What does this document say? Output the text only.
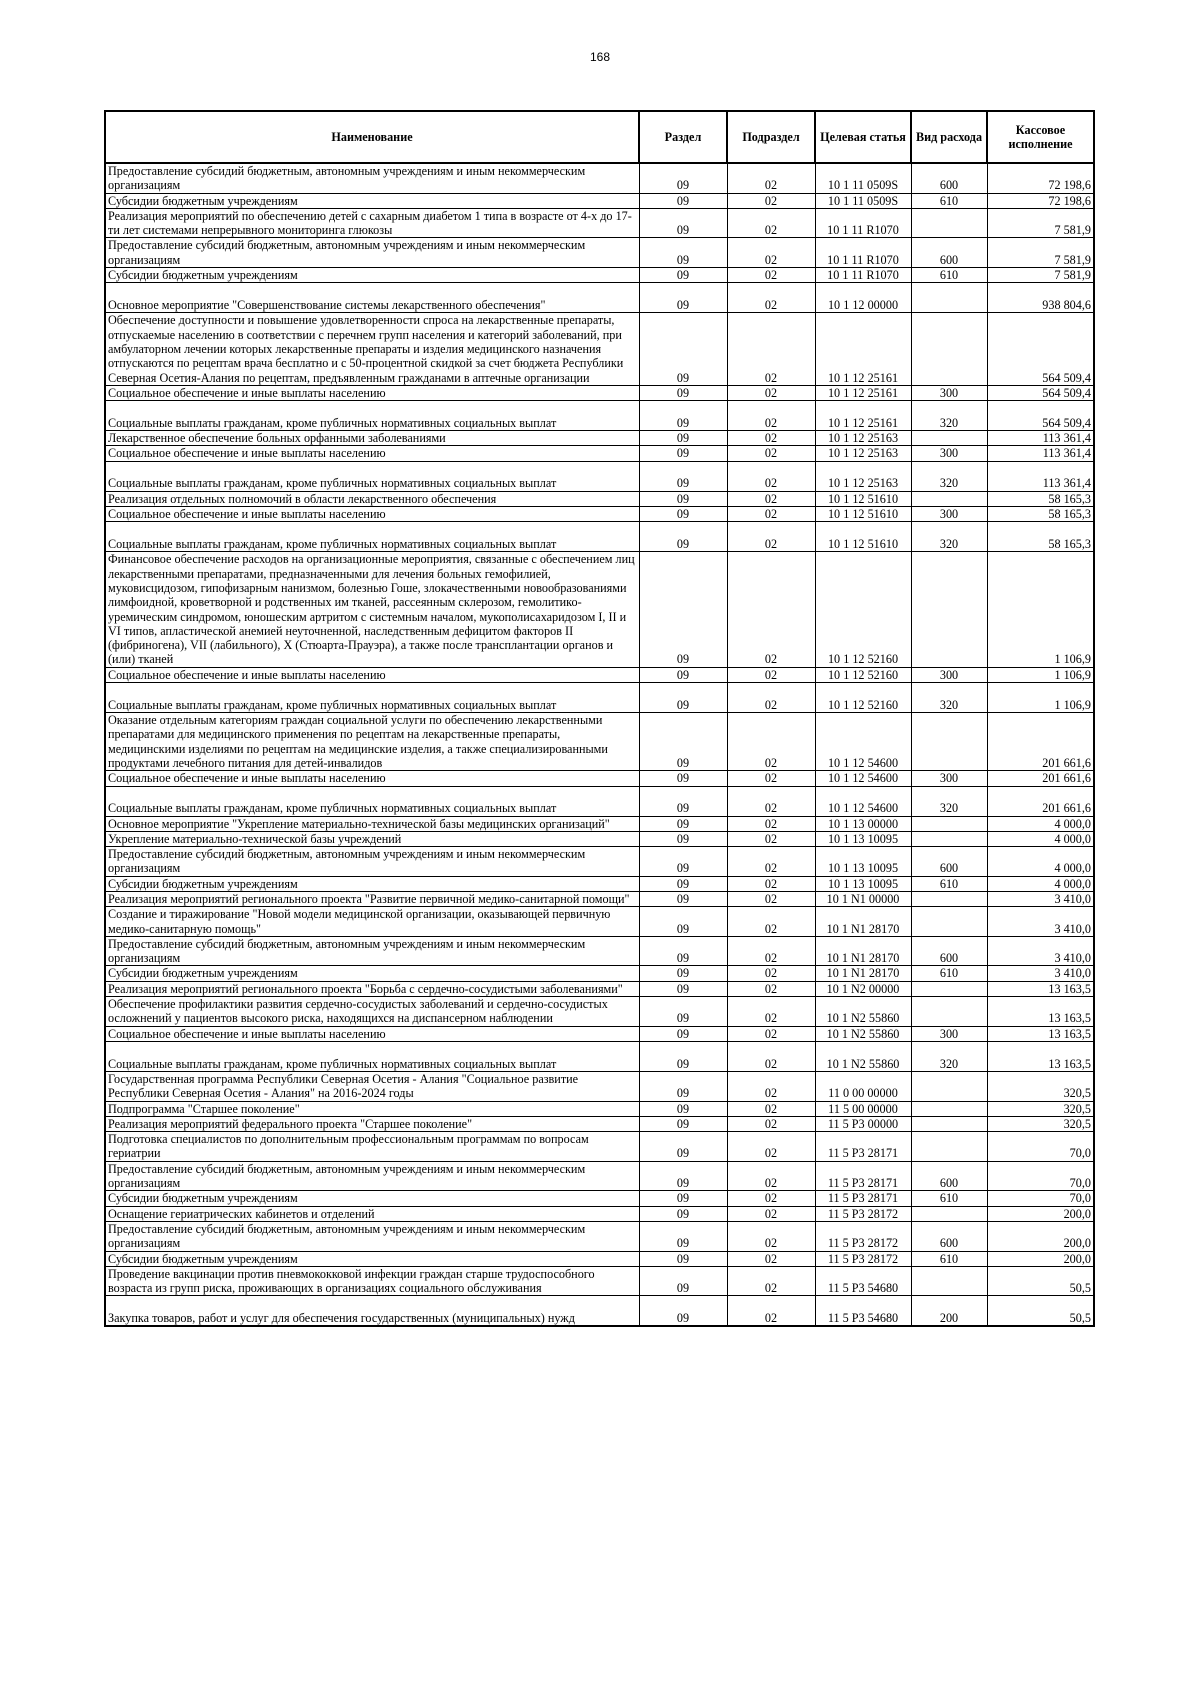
168
Наименование	Раздел	Подраздел	Целевая статья	Вид расхода	Кассовое исполнение
Предоставление субсидий бюджетным, автономным учреждениям и иным некоммерческим организациям	09	02	10 1 11 0509S	600	72 198,6
Субсидии бюджетным учреждениям	09	02	10 1 11 0509S	610	72 198,6
Реализация мероприятий по обеспечению детей с сахарным диабетом 1 типа в возрасте от 4-х до 17-ти лет системами непрерывного мониторинга глюкозы	09	02	10 1 11 R1070		7 581,9
Предоставление субсидий бюджетным, автономным учреждениям и иным некоммерческим организациям	09	02	10 1 11 R1070	600	7 581,9
Субсидии бюджетным учреждениям	09	02	10 1 11 R1070	610	7 581,9
Основное мероприятие "Совершенствование системы лекарственного обеспечения"	09	02	10 1 12 00000		938 804,6
Обеспечение доступности и повышение удовлетворенности спроса на лекарственные препараты, отпускаемые населению в соответствии с перечнем групп населения и категорий заболеваний, при амбулаторном лечении которых лекарственные препараты и изделия медицинского назначения отпускаются по рецептам врача бесплатно и с 50-процентной скидкой за счет бюджета Республики Северная Осетия-Алания по рецептам, предъявленным гражданами в аптечные организации	09	02	10 1 12 25161		564 509,4
Социальное обеспечение и иные выплаты населению	09	02	10 1 12 25161	300	564 509,4
Социальные выплаты гражданам, кроме публичных нормативных социальных выплат	09	02	10 1 12 25161	320	564 509,4
Лекарственное обеспечение больных орфанными заболеваниями	09	02	10 1 12 25163		113 361,4
Социальное обеспечение и иные выплаты населению	09	02	10 1 12 25163	300	113 361,4
Социальные выплаты гражданам, кроме публичных нормативных социальных выплат	09	02	10 1 12 25163	320	113 361,4
Реализация отдельных полномочий в области лекарственного обеспечения	09	02	10 1 12 51610		58 165,3
Социальное обеспечение и иные выплаты населению	09	02	10 1 12 51610	300	58 165,3
Социальные выплаты гражданам, кроме публичных нормативных социальных выплат	09	02	10 1 12 51610	320	58 165,3
Финансовое обеспечение расходов на организационные мероприятия, связанные с обеспечением лиц лекарственными препаратами, предназначенными для лечения больных гемофилией, муковисцидозом, гипофизарным нанизмом, болезнью Гоше, злокачественными новообразованиями лимфоидной, кроветворной и родственных им тканей, рассеянным склерозом, гемолитико-уремическим синдромом, юношеским артритом с системным началом, мукополисахаридозом I, II и VI типов, апластической анемией неуточненной, наследственным дефицитом факторов II (фибриногена), VII (лабильного), X (Стюарта-Прауэра), а также после трансплантации органов и (или) тканей	09	02	10 1 12 52160		1 106,9
Социальное обеспечение и иные выплаты населению	09	02	10 1 12 52160	300	1 106,9
Социальные выплаты гражданам, кроме публичных нормативных социальных выплат	09	02	10 1 12 52160	320	1 106,9
Оказание отдельным категориям граждан социальной услуги по обеспечению лекарственными препаратами для медицинского применения по рецептам на лекарственные препараты, медицинскими изделиями по рецептам на медицинские изделия, а также специализированными продуктами лечебного питания для детей-инвалидов	09	02	10 1 12 54600		201 661,6
Социальное обеспечение и иные выплаты населению	09	02	10 1 12 54600	300	201 661,6
Социальные выплаты гражданам, кроме публичных нормативных социальных выплат	09	02	10 1 12 54600	320	201 661,6
Основное мероприятие "Укрепление материально-технической базы медицинских организаций"	09	02	10 1 13 00000		4 000,0
Укрепление материально-технической базы учреждений	09	02	10 1 13 10095		4 000,0
Предоставление субсидий бюджетным, автономным учреждениям и иным некоммерческим организациям	09	02	10 1 13 10095	600	4 000,0
Субсидии бюджетным учреждениям	09	02	10 1 13 10095	610	4 000,0
Реализация мероприятий регионального проекта "Развитие первичной медико-санитарной помощи"	09	02	10 1 N1 00000		3 410,0
Создание и тиражирование "Новой модели медицинской организации, оказывающей первичную медико-санитарную помощь"	09	02	10 1 N1 28170		3 410,0
Предоставление субсидий бюджетным, автономным учреждениям и иным некоммерческим организациям	09	02	10 1 N1 28170	600	3 410,0
Субсидии бюджетным учреждениям	09	02	10 1 N1 28170	610	3 410,0
Реализация мероприятий регионального проекта "Борьба с сердечно-сосудистыми заболеваниями"	09	02	10 1 N2 00000		13 163,5
Обеспечение профилактики развития сердечно-сосудистых заболеваний и сердечно-сосудистых осложнений у пациентов высокого риска, находящихся на диспансерном наблюдении	09	02	10 1 N2 55860		13 163,5
Социальное обеспечение и иные выплаты населению	09	02	10 1 N2 55860	300	13 163,5
Социальные выплаты гражданам, кроме публичных нормативных социальных выплат	09	02	10 1 N2 55860	320	13 163,5
Государственная программа Республики Северная Осетия - Алания "Социальное развитие Республики Северная Осетия - Алания" на 2016-2024 годы	09	02	11 0 00 00000		320,5
Подпрограмма "Старшее поколение"	09	02	11 5 00 00000		320,5
Реализация мероприятий федерального проекта "Старшее поколение"	09	02	11 5 P3 00000		320,5
Подготовка специалистов по дополнительным профессиональным программам по вопросам гериатрии	09	02	11 5 P3 28171		70,0
Предоставление субсидий бюджетным, автономным учреждениям и иным некоммерческим организациям	09	02	11 5 P3 28171	600	70,0
Субсидии бюджетным учреждениям	09	02	11 5 P3 28171	610	70,0
Оснащение гериатрических кабинетов и отделений	09	02	11 5 P3 28172		200,0
Предоставление субсидий бюджетным, автономным учреждениям и иным некоммерческим организациям	09	02	11 5 P3 28172	600	200,0
Субсидии бюджетным учреждениям	09	02	11 5 P3 28172	610	200,0
Проведение вакцинации против пневмококковой инфекции граждан старше трудоспособного возраста из групп риска, проживающих в организациях социального обслуживания	09	02	11 5 P3 54680		50,5
Закупка товаров, работ и услуг для обеспечения государственных (муниципальных) нужд	09	02	11 5 P3 54680	200	50,5
